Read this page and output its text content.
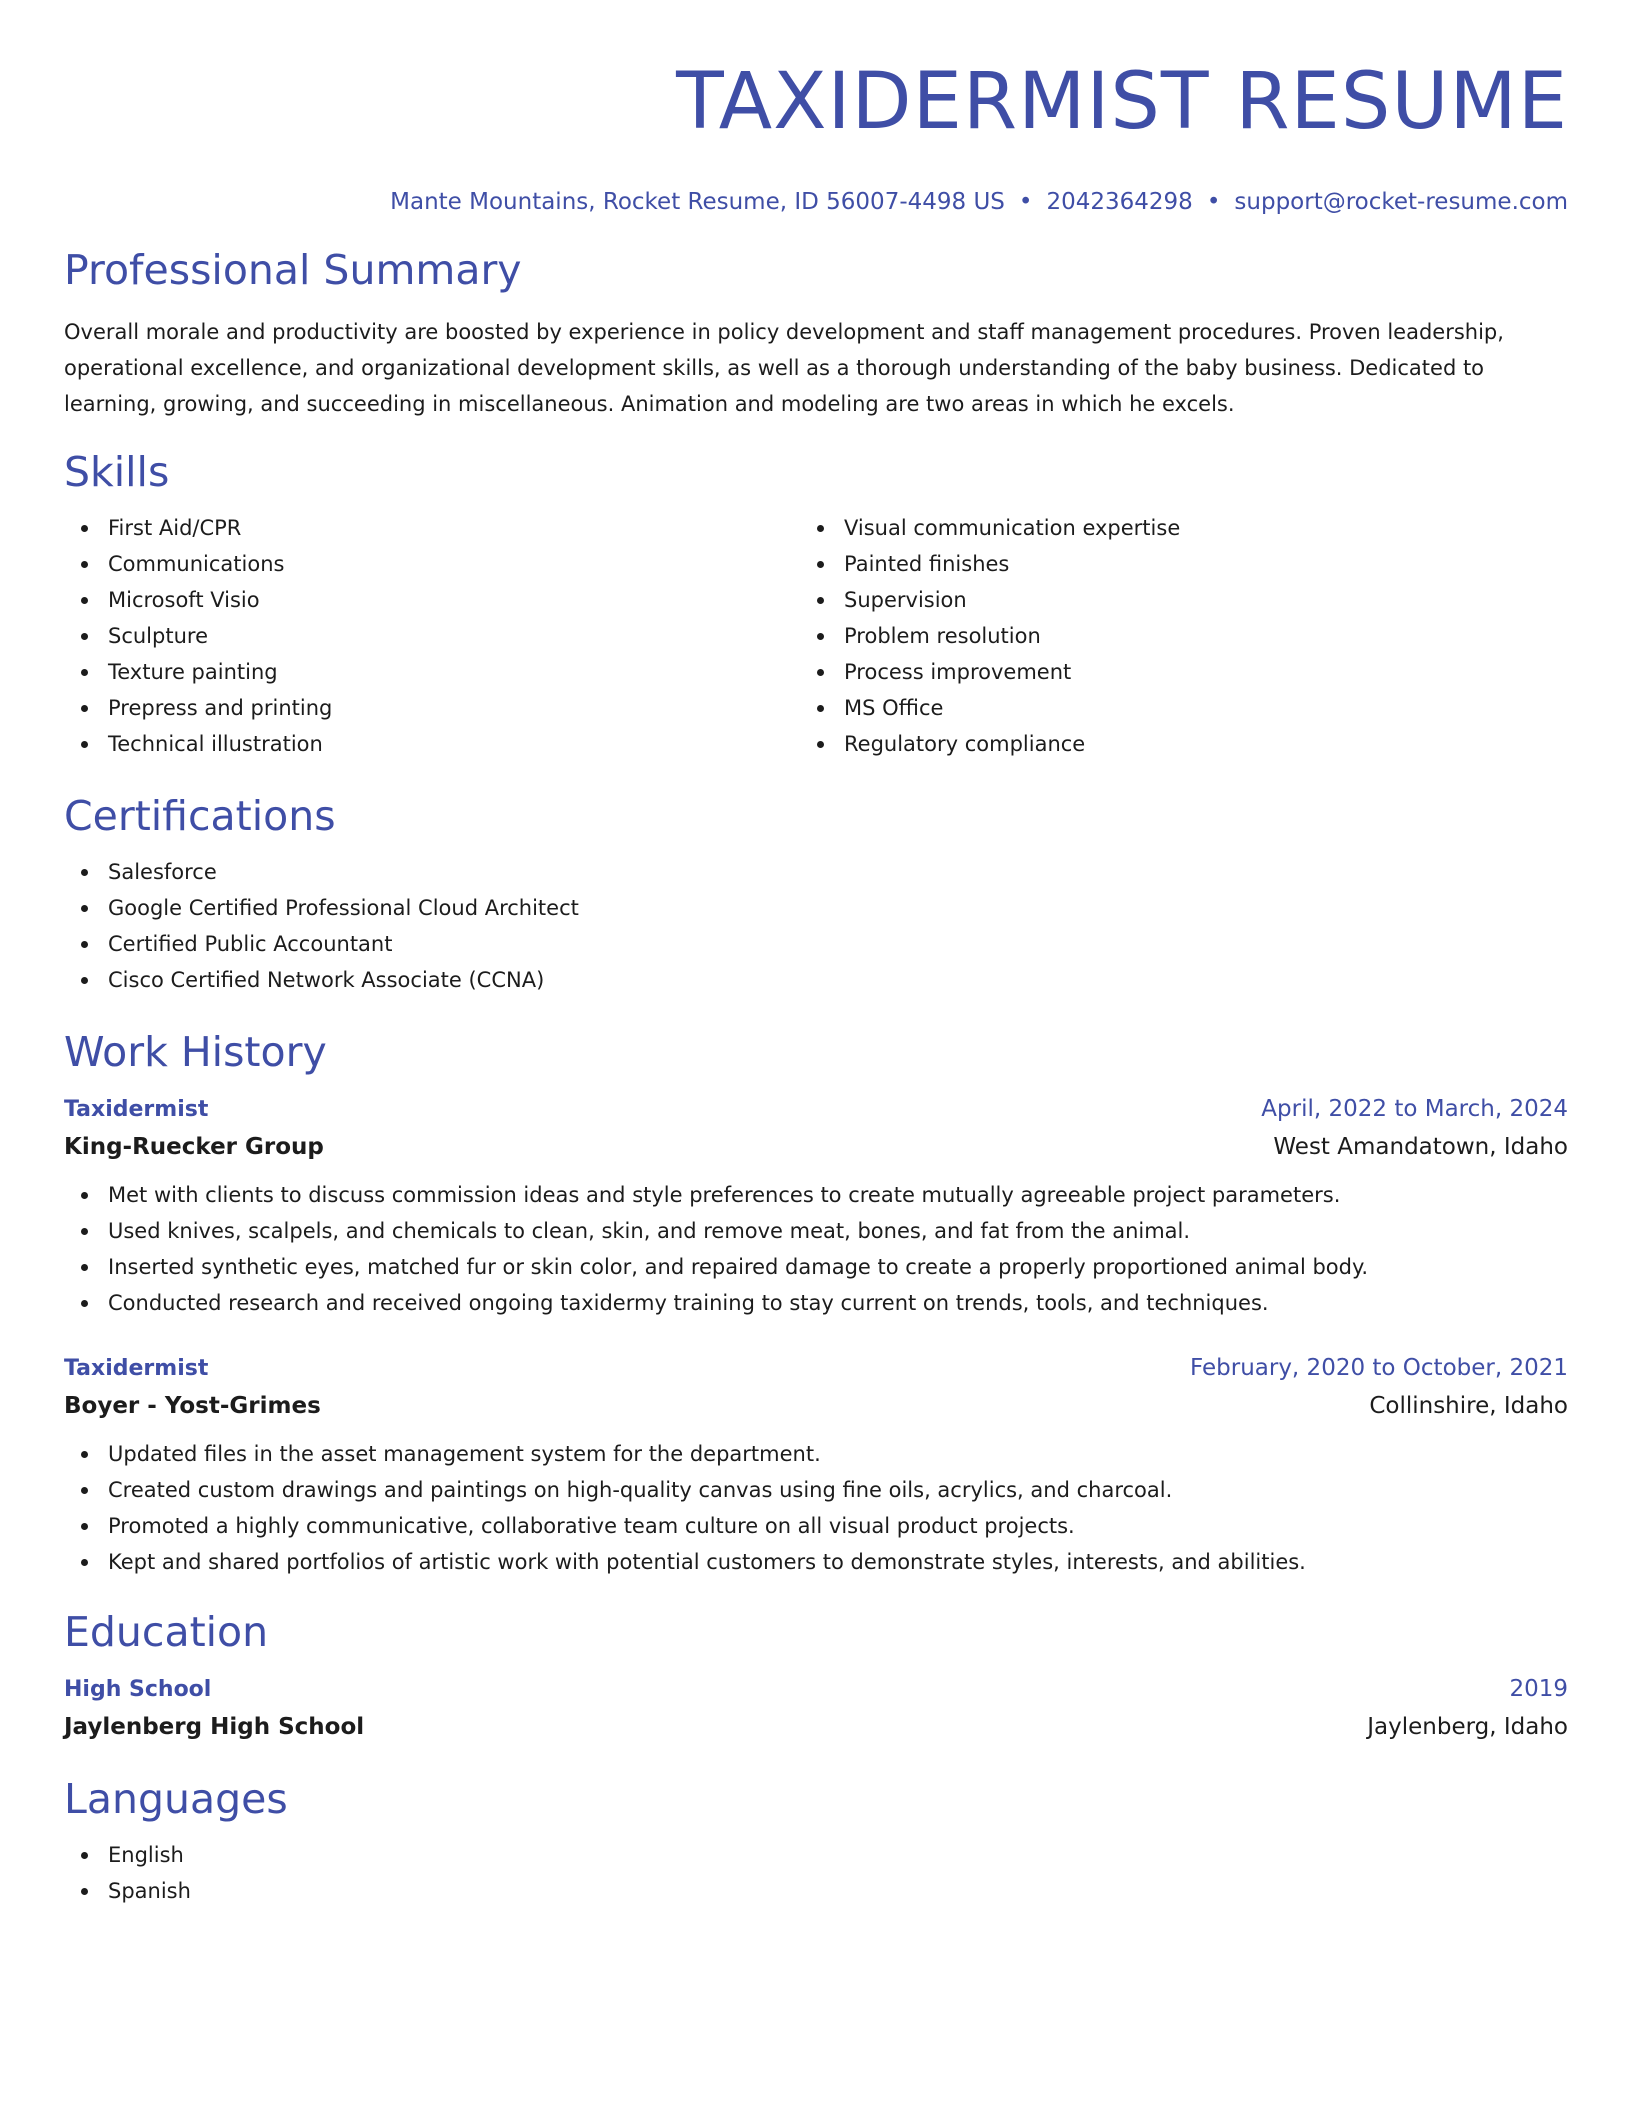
TAXIDERMIST RESUME
Mante Mountains, Rocket Resume, ID 56007-4498 US • 2042364298 • support@rocket-resume.com
Professional Summary

Overall morale and productivity are boosted by experience in policy development and staff management procedures. Proven leadership, operational excellence, and organizational development skills, as well as a thorough understanding of the baby business. Dedicated to learning, growing, and succeeding in miscellaneous. Animation and modeling are two areas in which he excels.

Skills
First Aid/CPR
Communications
Microsoft Visio
Sculpture
Texture painting
Prepress and printing
Technical illustration
Visual communication expertise
Painted finishes
Supervision
Problem resolution
Process improvement
MS Office
Regulatory compliance
Certifications
Salesforce
Google Certified Professional Cloud Architect
Certified Public Accountant
Cisco Certified Network Associate (CCNA)
Work History
Taxidermist	April, 2022 to March, 2024
King-Ruecker Group	West Amandatown, Idaho
Met with clients to discuss commission ideas and style preferences to create mutually agreeable project parameters.
Used knives, scalpels, and chemicals to clean, skin, and remove meat, bones, and fat from the animal.
Inserted synthetic eyes, matched fur or skin color, and repaired damage to create a properly proportioned animal body.
Conducted research and received ongoing taxidermy training to stay current on trends, tools, and techniques.
Taxidermist	February, 2020 to October, 2021
Boyer - Yost-Grimes	Collinshire, Idaho
Updated files in the asset management system for the department.
Created custom drawings and paintings on high-quality canvas using fine oils, acrylics, and charcoal.
Promoted a highly communicative, collaborative team culture on all visual product projects.
Kept and shared portfolios of artistic work with potential customers to demonstrate styles, interests, and abilities.
Education
High School	2019
Jaylenberg High School	Jaylenberg, Idaho
Languages
English
Spanish
